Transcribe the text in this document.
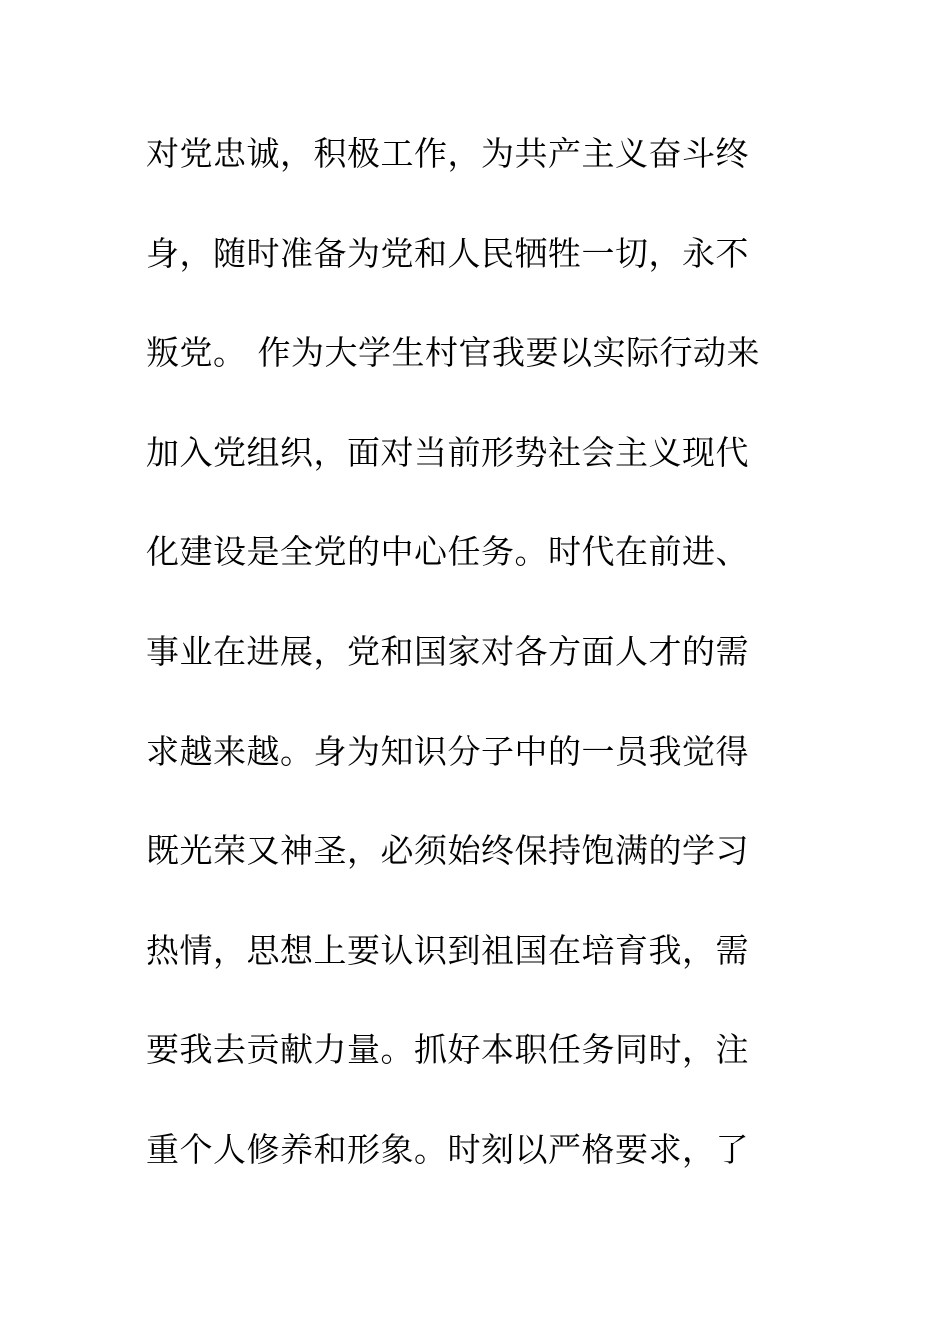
对党忠诚，积极工作，为共产主义奋斗终
身，随时准备为党和人民牺牲一切，永不
叛党。 作为大学生村官我要以实际行动来
加入党组织，面对当前形势社会主义现代
化建设是全党的中心任务。时代在前进、
事业在进展，党和国家对各方面人才的需
求越来越。身为知识分子中的一员我觉得
既光荣又神圣，必须始终保持饱满的学习
热情，思想上要认识到祖国在培育我，需
要我去贡献力量。抓好本职任务同时，注
重个人修养和形象。时刻以严格要求，了
